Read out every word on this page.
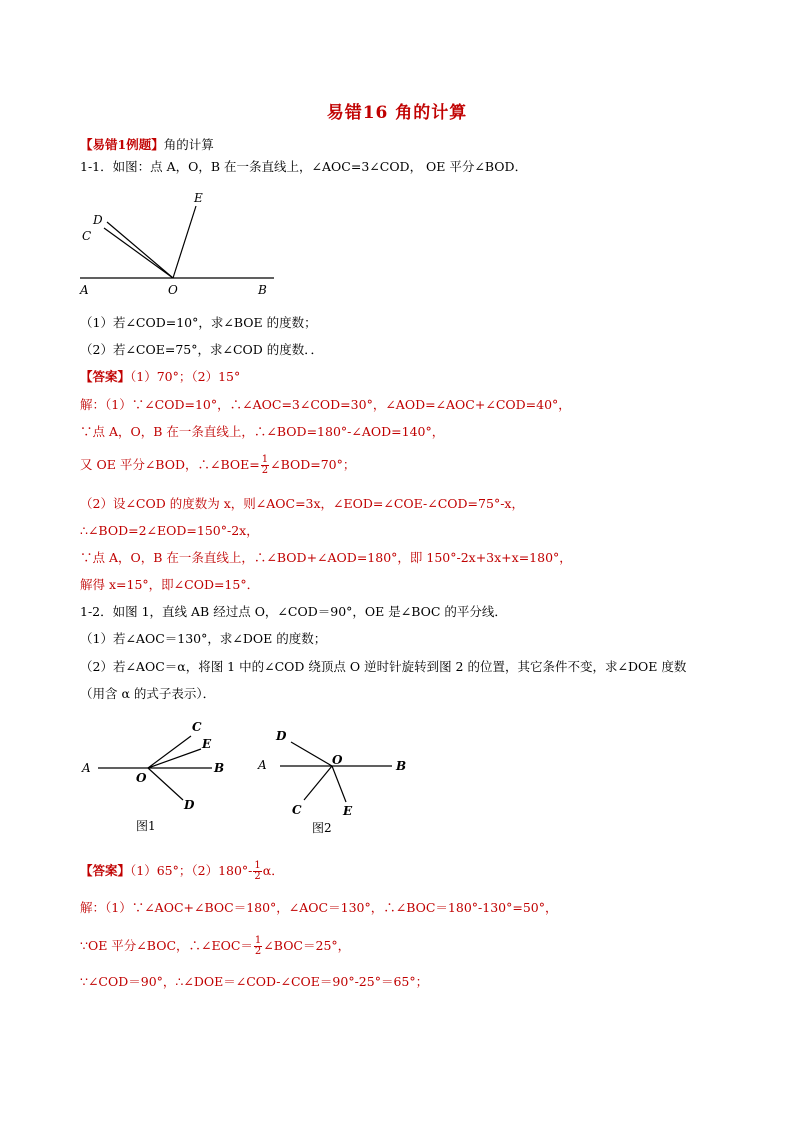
易错16 角的计算
【易错1例题】角的计算
1-1．如图：点 A，O，B 在一条直线上，∠AOC=3∠COD， OE 平分∠BOD．
A	O	B
C
D
E
（1）若∠COD=10°，求∠BOE 的度数；
（2）若∠COE=75°，求∠COD 的度数．．
【答案】（1）70°；（2）15°
解：（1）∵∠COD=10°，∴∠AOC=3∠COD=30°，∠AOD=∠AOC+∠COD=40°，
∵点 A，O，B 在一条直线上，∴∠BOD=180°-∠AOD=140°，
又 OE 平分∠BOD，∴∠BOE= $\frac{1}{2}$ ∠BOD=70°；
（2）设∠COD 的度数为 x，则∠AOC=3x，∠EOD=∠COE-∠COD=75°-x，
∴∠BOD=2∠EOD=150°-2x，
∵点 A，O，B 在一条直线上，∴∠BOD+∠AOD=180°，即 150°-2x+3x+x=180°，
解得 x=15°，即∠COD=15°．
1-2．如图 1，直线 AB 经过点 O，∠COD＝90°，OE 是∠BOC 的平分线．
（1）若∠AOC＝130°，求∠DOE 的度数；
（2）若∠AOC＝α，将图 1 中的∠COD 绕顶点 O 逆时针旋转到图 2 的位置，其它条件不变，求∠DOE 度数
（用含 α 的式子表示）．
A
O
B
C
E
D
图1
A	O	B
D
C	E
图2
【答案】（1）65°；$(2)180^\circ- \frac{1}{2}$ α．
解：（1）∵∠AOC+∠BOC＝180°，∠AOC＝130°，∴∠BOC＝180°-130°=50°，
∵OE 平分∠BOC，∴∠EOC＝ $\frac{1}{2}$ ∠BOC＝25°，
∵∠COD＝90°，∴∠DOE＝∠COD-∠COE＝90°-25°＝65°；
